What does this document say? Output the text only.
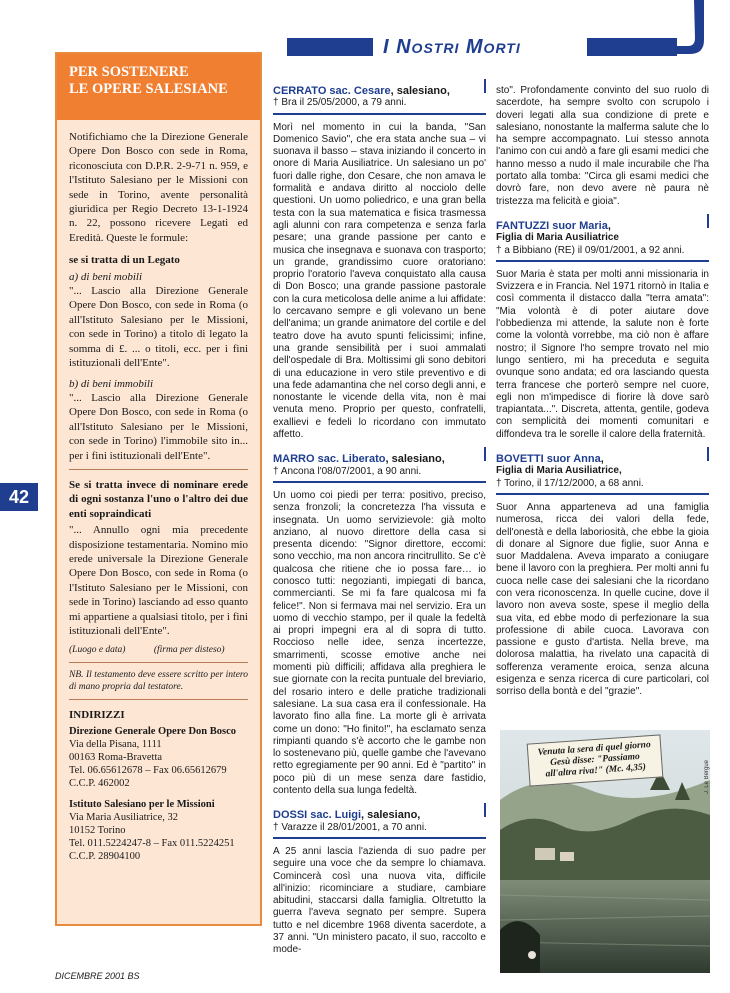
I Nostri Morti
PER SOSTENERE
LE OPERE SALESIANE

Notifichiamo che la Direzione Generale Opere Don Bosco con sede in Roma, riconosciuta con D.P.R. 2-9-71 n. 959, e l'Istituto Salesiano per le Missioni con sede in Torino, avente personalità giuridica per Regio Decreto 13-1-1924 n. 22, possono ricevere Legati ed Eredità. Queste le formule:

se si tratta di un Legato

a) di beni mobili

"... Lascio alla Direzione Generale Opere Don Bosco, con sede in Roma (o all'Istituto Salesiano per le Missioni, con sede in Torino) a titolo di legato la somma di £. ... o titoli, ecc. per i fini istituzionali dell'Ente".

b) di beni immobili

"... Lascio alla Direzione Generale Opere Don Bosco, con sede in Roma (o all'Istituto Salesiano per le Missioni, con sede in Torino) l'immobile sito in... per i fini istituzionali dell'Ente".

Se si tratta invece di nominare erede di ogni sostanza l'uno o l'altro dei due enti sopraindicati

"... Annullo ogni mia precedente disposizione testamentaria. Nomino mio erede universale la Direzione Generale Opere Don Bosco, con sede in Roma (o l'Istituto Salesiano per le Missioni, con sede in Torino) lasciando ad esso quanto mi appartiene a qualsiasi titolo, per i fini istituzionali dell'Ente".

(Luogo e data)	(firma per disteso)

NB. Il testamento deve essere scritto per intero di mano propria dal testatore.

INDIRIZZI

Direzione Generale Opere Don Bosco
Via della Pisana, 1111
00163 Roma-Bravetta
Tel. 06.65612678 – Fax 06.65612679
C.C.P. 462002

Istituto Salesiano per le Missioni
Via Maria Ausiliatrice, 32
10152 Torino
Tel. 011.5224247-8 – Fax 011.5224251
C.C.P. 28904100

42
DICEMBRE 2001 BS
CERRATO sac. Cesare, salesiano,
† Bra il 25/05/2000, a 79 anni.

Morì nel momento in cui la banda, "San Domenico Savio", che era stata anche sua – vi suonava il basso – stava iniziando il concerto in onore di Maria Ausiliatrice. Un salesiano un po' fuori dalle righe, don Cesare, che non amava le formalità e andava diritto al nocciolo delle questioni. Un uomo poliedrico, e una gran bella testa con la sua matematica e fisica trasmessa agli alunni con rara competenza e senza farla pesare; una grande passione per canto e musica che insegnava e suonava con trasporto; un grande, grandissimo cuore oratoriano: proprio l'oratorio l'aveva conquistato alla causa di Don Bosco; una grande passione pastorale con la cura meticolosa delle anime a lui affidate: lo cercavano sempre e gli volevano un bene dell'anima; un grande animatore del cortile e del teatro dove ha avuto spunti felicissimi; infine, una grande sensibilità per i suoi ammalati dell'ospedale di Bra. Moltissimi gli sono debitori di una educazione in vero stile preventivo e di una fede adamantina che nel corso degli anni, e nonostante le vicende della vita, non è mai venuta meno. Proprio per questo, confratelli, exallievi e fedeli lo ricordano con immutato affetto.

MARRO sac. Liberato, salesiano,
† Ancona l'08/07/2001, a 90 anni.

Un uomo coi piedi per terra: positivo, preciso, senza fronzoli; la concretezza l'ha vissuta e insegnata. Un uomo servizievole: già molto anziano, al nuovo direttore della casa si presenta dicendo: "Signor direttore, eccomi: sono vecchio, ma non ancora rincitrullito. Se c'è qualcosa che ritiene che io possa fare… io conosco tutti: negozianti, impiegati di banca, commercianti. Se mi fa fare qualcosa mi fa felice!". Non si fermava mai nel servizio. Era un uomo di vecchio stampo, per il quale la fedeltà ai propri impegni era al di sopra di tutto. Roccioso nelle idee, senza incertezze, smarrimenti, scosse emotive anche nei momenti più difficili; affidava alla preghiera le sue giornate con la recita puntuale del breviario, del rosario intero e delle pratiche tradizionali salesiane. La sua casa era il confessionale. Ha lavorato fino alla fine. La morte gli è arrivata come un dono: "Ho finito!", ha esclamato senza rimpianti quando s'è accorto che le gambe non lo sostenevano più, quelle gambe che l'avevano retto egregiamente per 90 anni. Ed è "partito" in poco più di un mese senza dare fastidio, contento della sua lunga fedeltà.

DOSSI sac. Luigi, salesiano,
† Varazze il 28/01/2001, a 70 anni.

A 25 anni lascia l'azienda di suo padre per seguire una voce che da sempre lo chiamava. Comincerà così una nuova vita, difficile all'inizio: ricominciare a studiare, cambiare abitudini, staccarsi dalla famiglia. Oltretutto la guerra l'aveva segnato per sempre. Supera tutto e nel dicembre 1968 diventa sacerdote, a 37 anni. "Un ministero pacato, il suo, raccolto e mode-

sto". Profondamente convinto del suo ruolo di sacerdote, ha sempre svolto con scrupolo i doveri legati alla sua condizione di prete e salesiano, nonostante la malferma salute che lo ha sempre accompagnato. Lui stesso annota l'animo con cui andò a fare gli esami medici che hanno messo a nudo il male incurabile che l'ha portato alla tomba: "Circa gli esami medici che dovrò fare, non devo avere nè paura nè tristezza ma felicità e gioia".

FANTUZZI suor Maria,
Figlia di Maria Ausiliatrice
† a Bibbiano (RE) il 09/01/2001, a 92 anni.

Suor Maria è stata per molti anni missionaria in Svizzera e in Francia. Nel 1971 ritornò in Italia e così commenta il distacco dalla "terra amata": "Mia volontà è di poter aiutare dove l'obbedienza mi attende, la salute non è forte come la volontà vorrebbe, ma ciò non è affare nostro; il Signore l'ho sempre trovato nel mio lungo sentiero, mi ha preceduta e seguita ovunque sono andata; ed ora lasciando questa terra francese che porterò sempre nel cuore, egli non m'impedisce di fiorire là dove sarò trapiantata...". Discreta, attenta, gentile, godeva con semplicità dei momenti comunitari e diffondeva tra le sorelle il calore della fraternità.

BOVETTI suor Anna,
Figlia di Maria Ausiliatrice,
† Torino, il 17/12/2000, a 68 anni.

Suor Anna apparteneva ad una famiglia numerosa, ricca dei valori della fede, dell'onestà e della laboriosità, che ebbe la gioia di donare al Signore due figlie, suor Anna e suor Maddalena. Aveva imparato a coniugare bene il lavoro con la preghiera. Per molti anni fu cuoca nelle case dei salesiani che la ricordano con vera riconoscenza. In quelle cucine, dove il lavoro non aveva soste, spese il meglio della sua vita, ed ebbe modo di perfezionare la sua professione di abile cuoca. Lavorava con passione e gusto d'artista. Nella breve, ma dolorosa malattia, ha rivelato una capacità di sofferenza veramente eroica, senza alcuna esigenza e senza ricerca di cure particolari, col sorriso della bontà e del "grazie".

Venuta la sera di quel giorno Gesù disse: "Passiamo all'altra riva!" (Mc. 4,35)	J. Le Bergue
